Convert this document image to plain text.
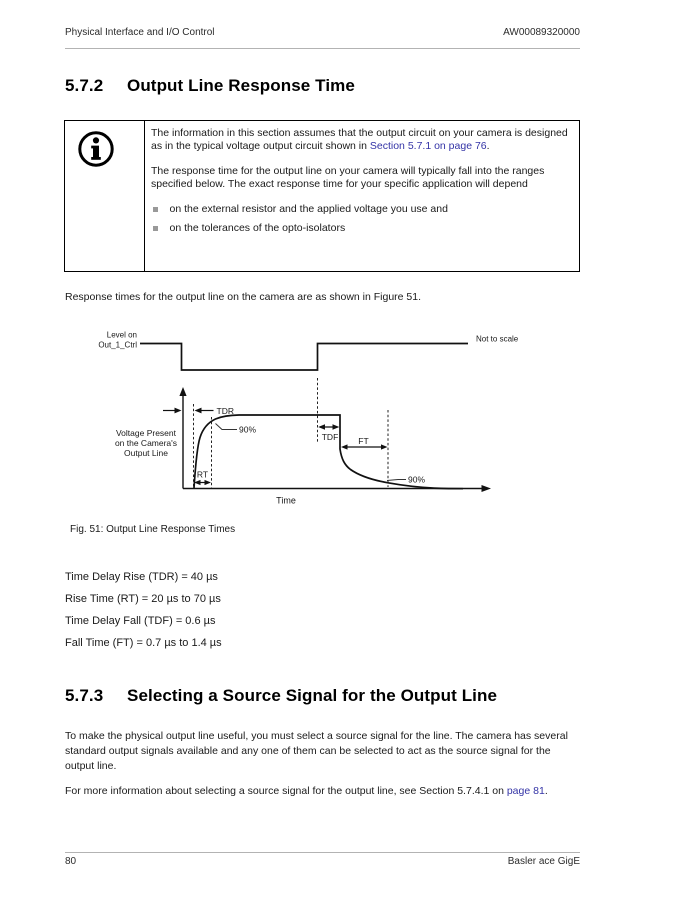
Physical Interface and I/O Control	AW00089320000
5.7.2	Output Line Response Time

The information in this section assumes that the output circuit on your camera is designed as in the typical voltage output circuit shown in Section 5.7.1 on page 76.

The response time for the output line on your camera will typically fall into the ranges specified below. The exact response time for your specific application will depend

on the external resistor and the applied voltage you use and
on the tolerances of the opto-isolators
Response times for the output line on the camera are as shown in Figure 51.
Level on
Out_1_Ctrl
Not to scale
Time
Voltage Present
on the Camera's
Output Line
TDR
90%
RT
TDF FT
90%
Fig. 51: Output Line Response Times
Time Delay Rise (TDR) = 40 µs
Rise Time (RT) = 20 µs to 70 µs
Time Delay Fall (TDF) = 0.6 µs
Fall Time (FT) = 0.7 µs to 1.4 µs
5.7.3	Selecting a Source Signal for the Output Line
To make the physical output line useful, you must select a source signal for the line. The camera has several standard output signals available and any one of them can be selected to act as the source signal for the output line.
For more information about selecting a source signal for the output line, see Section 5.7.4.1 on page 81.
80	Basler ace GigE
